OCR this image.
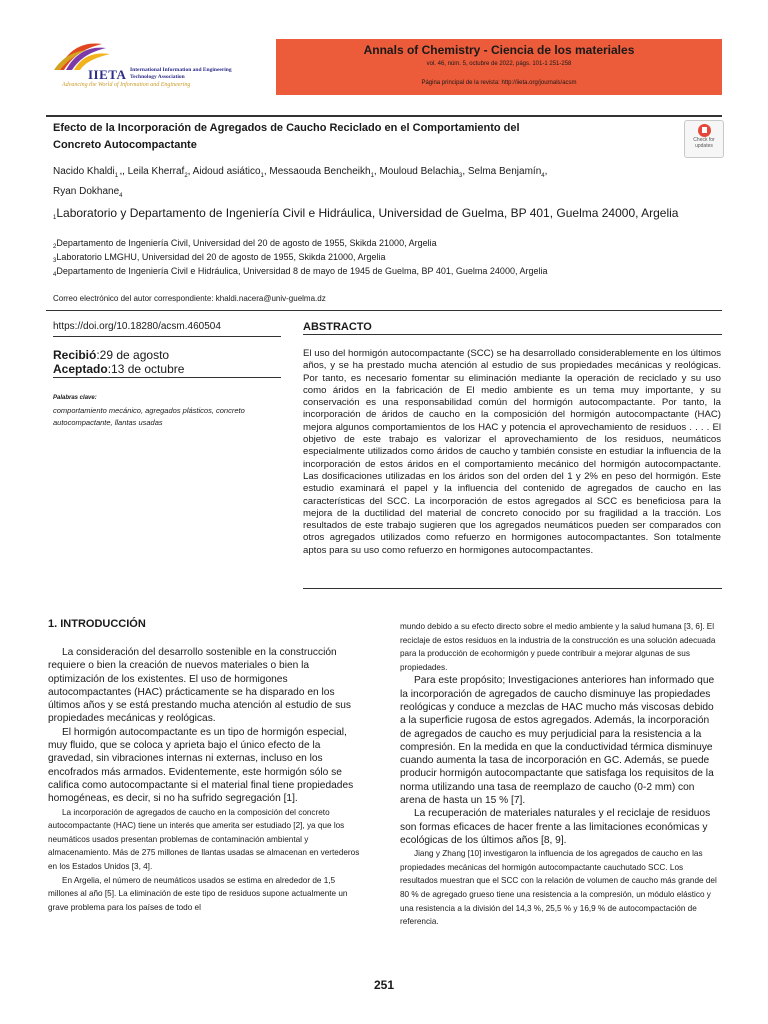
IIETA International Information and Engineering Technology Association
Advancing the World of Information and Engineering
Annals of Chemistry - Ciencia de los materiales
vol. 46, núm. 5, octubre de 2022, págs. 101-1 251-258
Página principal de la revista: http://iieta.org/journals/acsm
Efecto de la Incorporación de Agregados de Caucho Reciclado en el Comportamiento del
Concreto Autocompactante	Check for
updates
Nacido Khaldi$_{1 *}$, Leila Kherraf$_2$, Aidoud asiático$_1$, Messaouda Bencheikh$_1$, Mouloud Belachia$_3$, Selma Benjamín$_4$,
Ryan Dokhane$_4$
$_1$Laboratorio y Departamento de Ingeniería Civil e Hidráulica, Universidad de Guelma, BP 401, Guelma 24000, Argelia
$_2$Departamento de Ingeniería Civil, Universidad del 20 de agosto de 1955, Skikda 21000, Argelia
$_3$Laboratorio LMGHU, Universidad del 20 de agosto de 1955, Skikda 21000, Argelia
$_4$Departamento de Ingeniería Civil e Hidráulica, Universidad 8 de mayo de 1945 de Guelma, BP 401, Guelma 24000, Argelia
Correo electrónico del autor correspondiente: khaldi.nacera@univ-guelma.dz
https://doi.org/10.18280/acsm.460504
Recibió:29 de agosto
Aceptado:13 de octubre
Palabras clave:
comportamiento mecánico, agregados plásticos, concreto autocompactante, llantas usadas
ABSTRACTO
El uso del hormigón autocompactante (SCC) se ha desarrollado considerablemente en los últimos años, y se ha prestado mucha atención al estudio de sus propiedades mecánicas y reológicas. Por tanto, es necesario fomentar su eliminación mediante la operación de reciclado y su uso como áridos en la fabricación de El medio ambiente es un tema muy importante, y su conservación es una responsabilidad común del hormigón autocompactante. Por tanto, la incorporación de áridos de caucho en la composición del hormigón autocompactante (HAC) mejora algunos comportamientos de los HAC y potencia el aprovechamiento de residuos . . . . El objetivo de este trabajo es valorizar el aprovechamiento de los residuos, neumáticos especialmente utilizados como áridos de caucho y también consiste en estudiar la influencia de la incorporación de estos áridos en el comportamiento mecánico del hormigón autocompactante. Las dosificaciones utilizadas en los áridos son del orden del 1 y 2% en peso del hormigón. Este estudio examinará el papel y la influencia del contenido de agregados de caucho en las características del SCC. La incorporación de estos agregados al SCC es beneficiosa para la mejora de la ductilidad del material de concreto conocido por su fragilidad a la tracción. Los resultados de este trabajo sugieren que los agregados neumáticos pueden ser comparados con otros agregados utilizados como refuerzo en hormigones autocompactantes. Son totalmente aptos para su uso como refuerzo en hormigones autocompactantes.
1. INTRODUCCIÓN

La consideración del desarrollo sostenible en la construcción requiere o bien la creación de nuevos materiales o bien la optimización de los existentes. El uso de hormigones autocompactantes (HAC) prácticamente se ha disparado en los últimos años y se está prestando mucha atención al estudio de sus propiedades mecánicas y reológicas.

El hormigón autocompactante es un tipo de hormigón especial, muy fluido, que se coloca y aprieta bajo el único efecto de la gravedad, sin vibraciones internas ni externas, incluso en los encofrados más armados. Evidentemente, este hormigón sólo se califica como autocompactante si el material final tiene propiedades homogéneas, es decir, si no ha sufrido segregación [1].

La incorporación de agregados de caucho en la composición del concreto autocompactante (HAC) tiene un interés que amerita ser estudiado [2], ya que los neumáticos usados presentan problemas de contaminación ambiental y almacenamiento. Más de 275 millones de llantas usadas se almacenan en vertederos en los Estados Unidos [3, 4].

En Argelia, el número de neumáticos usados se estima en alrededor de 1,5 millones al año [5]. La eliminación de este tipo de residuos supone actualmente un grave problema para los países de todo el

mundo debido a su efecto directo sobre el medio ambiente y la salud humana [3, 6]. El reciclaje de estos residuos en la industria de la construcción es una solución adecuada para la producción de ecohormigón y puede contribuir a mejorar algunas de sus propiedades.

Para este propósito; Investigaciones anteriores han informado que la incorporación de agregados de caucho disminuye las propiedades reológicas y conduce a mezclas de HAC mucho más viscosas debido a la superficie rugosa de estos agregados. Además, la incorporación de agregados de caucho es muy perjudicial para la resistencia a la compresión. En la medida en que la conductividad térmica disminuye cuando aumenta la tasa de incorporación en GC. Además, se puede producir hormigón autocompactante que satisfaga los requisitos de la norma utilizando una tasa de reemplazo de caucho (0-2 mm) con arena de hasta un 15 % [7].

La recuperación de materiales naturales y el reciclaje de residuos son formas eficaces de hacer frente a las limitaciones económicas y ecológicas de los últimos años [8, 9].

Jiang y Zhang [10] investigaron la influencia de los agregados de caucho en las propiedades mecánicas del hormigón autocompactante cauchutado SCC. Los resultados muestran que el SCC con la relación de volumen de caucho más grande del 80 % de agregado grueso tiene una resistencia a la compresión, un módulo elástico y una resistencia a la división del 14,3 %, 25,5 % y 16,9 % de autocompactación de referencia.

251
